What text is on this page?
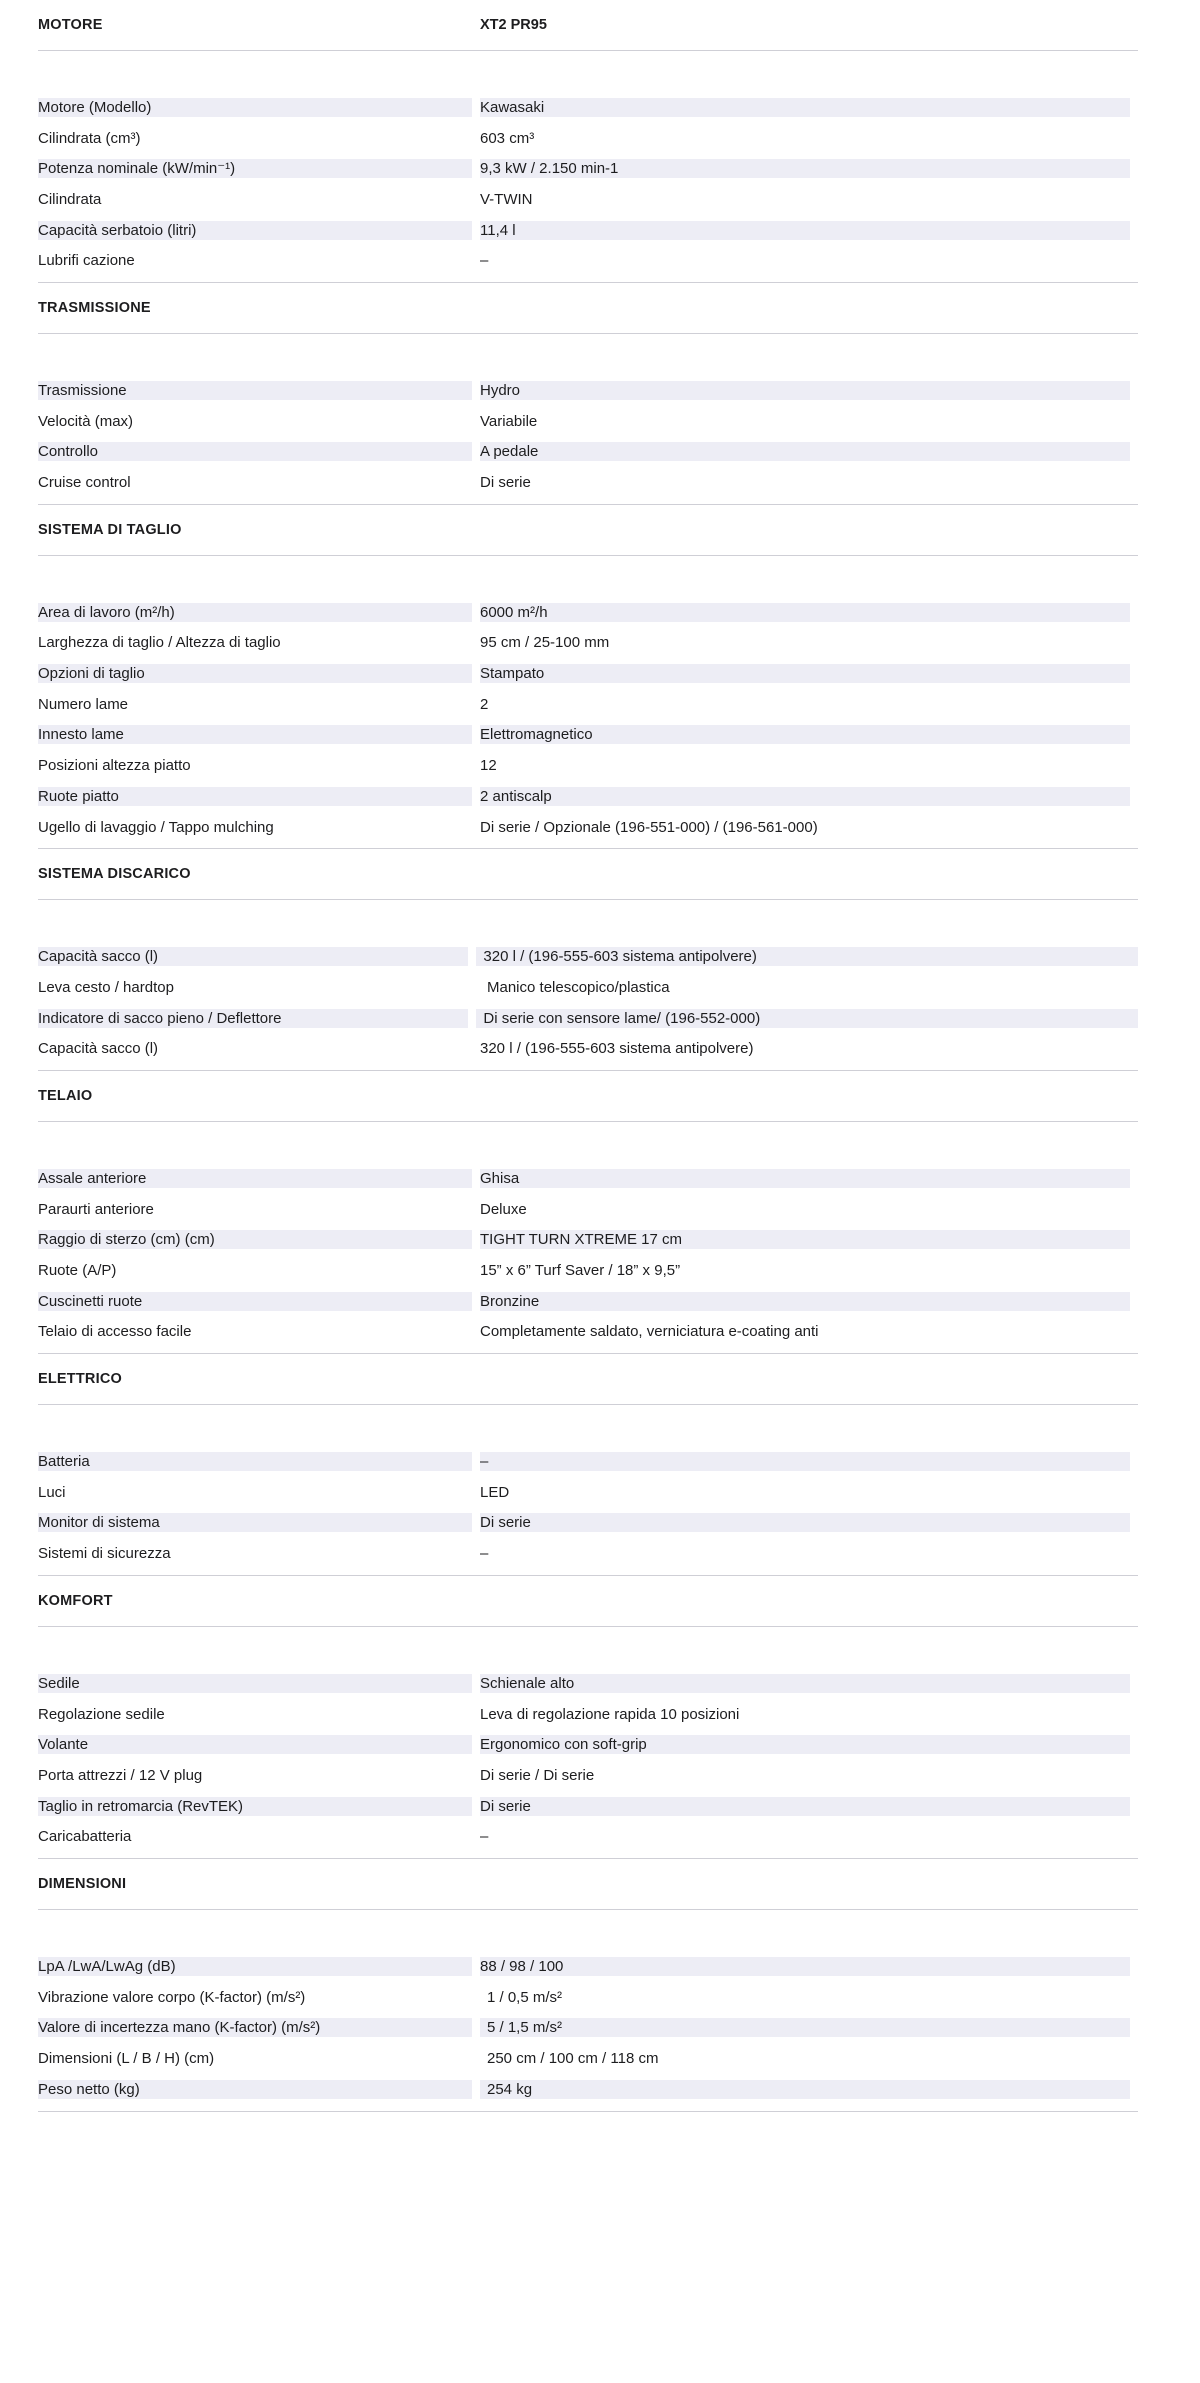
MOTORE	XT2 PR95
Motore (Modello)	Kawasaki
Cilindrata (cm³)	603 cm³
Potenza nominale (kW/min⁻¹)	9,3 kW / 2.150 min-1
Cilindrata	V-TWIN
Capacità serbatoio (litri)	11,4 l
Lubrifi cazione	–
TRASMISSIONE
Trasmissione	Hydro
Velocità (max)	Variabile
Controllo	A pedale
Cruise control	Di serie
SISTEMA DI TAGLIO
Area di lavoro (m²/h)	6000 m²/h
Larghezza di taglio / Altezza di taglio	95 cm / 25-100 mm
Opzioni di taglio	Stampato
Numero lame	2
Innesto lame	Elettromagnetico
Posizioni altezza piatto	12
Ruote piatto	2 antiscalp
Ugello di lavaggio / Tappo mulching	Di serie / Opzionale (196-551-000) / (196-561-000)
SISTEMA DISCARICO
Capacità sacco (l)	320 l / (196-555-603 sistema antipolvere)
Leva cesto / hardtop	Manico telescopico/plastica
Indicatore di sacco pieno / Deflettore	Di serie con sensore lame/ (196-552-000)
Capacità sacco (l)	320 l / (196-555-603 sistema antipolvere)
TELAIO
Assale anteriore	Ghisa
Paraurti anteriore	Deluxe
Raggio di sterzo (cm) (cm)	TIGHT TURN XTREME 17 cm
Ruote (A/P)	15” x 6” Turf Saver / 18” x 9,5”
Cuscinetti ruote	Bronzine
Telaio di accesso facile	Completamente saldato, verniciatura e-coating anti
ELETTRICO
Batteria	–
Luci	LED
Monitor di sistema	Di serie
Sistemi di sicurezza	–
KOMFORT
Sedile	Schienale alto
Regolazione sedile	Leva di regolazione rapida 10 posizioni
Volante	Ergonomico con soft-grip
Porta attrezzi / 12 V plug	Di serie / Di serie
Taglio in retromarcia (RevTEK)	Di serie
Caricabatteria	–
DIMENSIONI
LpA /LwA/LwAg (dB)	88 / 98 / 100
Vibrazione valore corpo (K-factor) (m/s²)	1 / 0,5 m/s²
Valore di incertezza mano (K-factor) (m/s²)	5 / 1,5 m/s²
Dimensioni (L / B / H) (cm)	250 cm / 100 cm / 118 cm
Peso netto (kg)	254 kg
